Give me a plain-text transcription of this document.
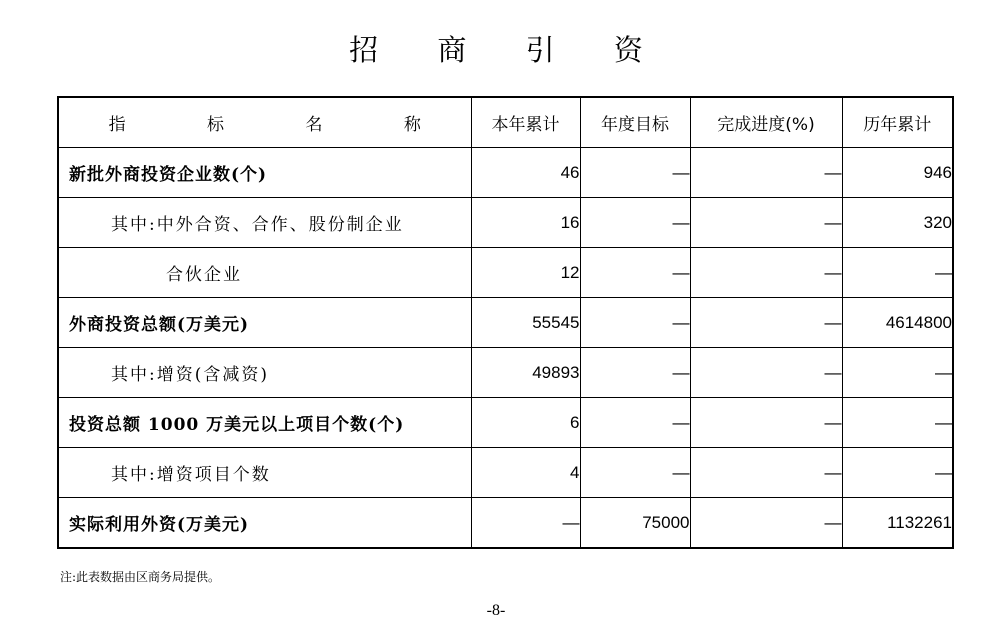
招 商 引 资
指 标 名 称	本年累计	年度目标	完成进度(%)	历年累计
新批外商投资企业数(个)	46	—	—	946
其中:中外合资、合作、股份制企业	16	—	—	320
合伙企业	12	—	—	—
外商投资总额(万美元)	55545	—	—	4614800
其中:增资(含减资)	49893	—	—	—
投资总额 1000 万美元以上项目个数(个)	6	—	—	—
其中:增资项目个数	4	—	—	—
实际利用外资(万美元)	—	75000	—	1132261
注:此表数据由区商务局提供。
-8-
